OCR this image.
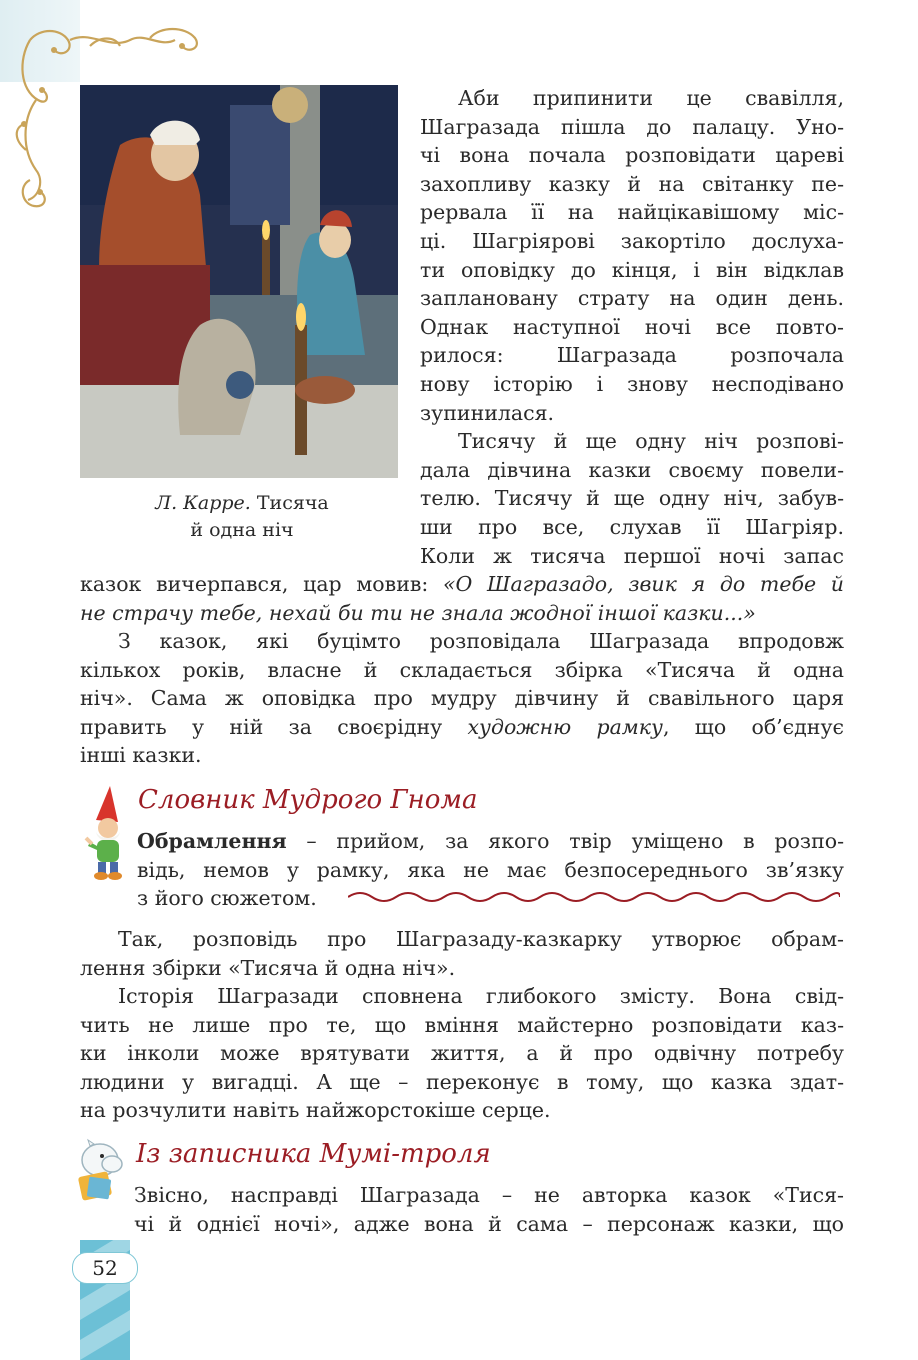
Л. Карре. Тисяча
й одна ніч
Аби припинити це свавілля,
Шагразада пішла до палацу. Уно-
чі вона почала розповідати цареві
захопливу казку й на світанку пе-
рервала її на найцікавішому міс-
ці. Шагріярові закортіло дослуха-
ти оповідку до кінця, і він відклав
заплановану страту на один день.
Однак наступної ночі все повто-
рилося: Шагразада розпочала
нову історію і знову несподівано
зупинилася.
Тисячу й ще одну ніч розпові-
дала дівчина казки своєму повели-
телю. Тисячу й ще одну ніч, забув-
ши про все, слухав її Шагріяр.
Коли ж тисяча першої ночі запас
казок вичерпався, цар мовив: «О Шагразадо, звик я до тебе й
не страчу тебе, нехай би ти не знала жодної іншої казки...»
З казок, які буцімто розповідала Шагразада впродовж
кількох років, власне й складається збірка «Тисяча й одна
ніч». Сама ж оповідка про мудру дівчину й свавільного царя
править у ній за своєрідну художню рамку, що об’єднує
інші казки.
Словник Мудрого Гнома
Обрамлення – прийом, за якого твір уміщено в розпо-
відь, немов у рамку, яка не має безпосереднього зв’язку
з його сюжетом.
Так, розповідь про Шагразаду-казкарку утворює обрам-
лення збірки «Тисяча й одна ніч».
Історія Шагразади сповнена глибокого змісту. Вона свід-
чить не лише про те, що вміння майстерно розповідати каз-
ки інколи може врятувати життя, а й про одвічну потребу
людини у вигадці. А ще – переконує в тому, що казка здат-
на розчулити навіть найжорстокіше серце.
Із записника Мумі-троля
Звісно, насправді Шагразада – не авторка казок «Тися-
чі й однієї ночі», адже вона й сама – персонаж казки, що
52
